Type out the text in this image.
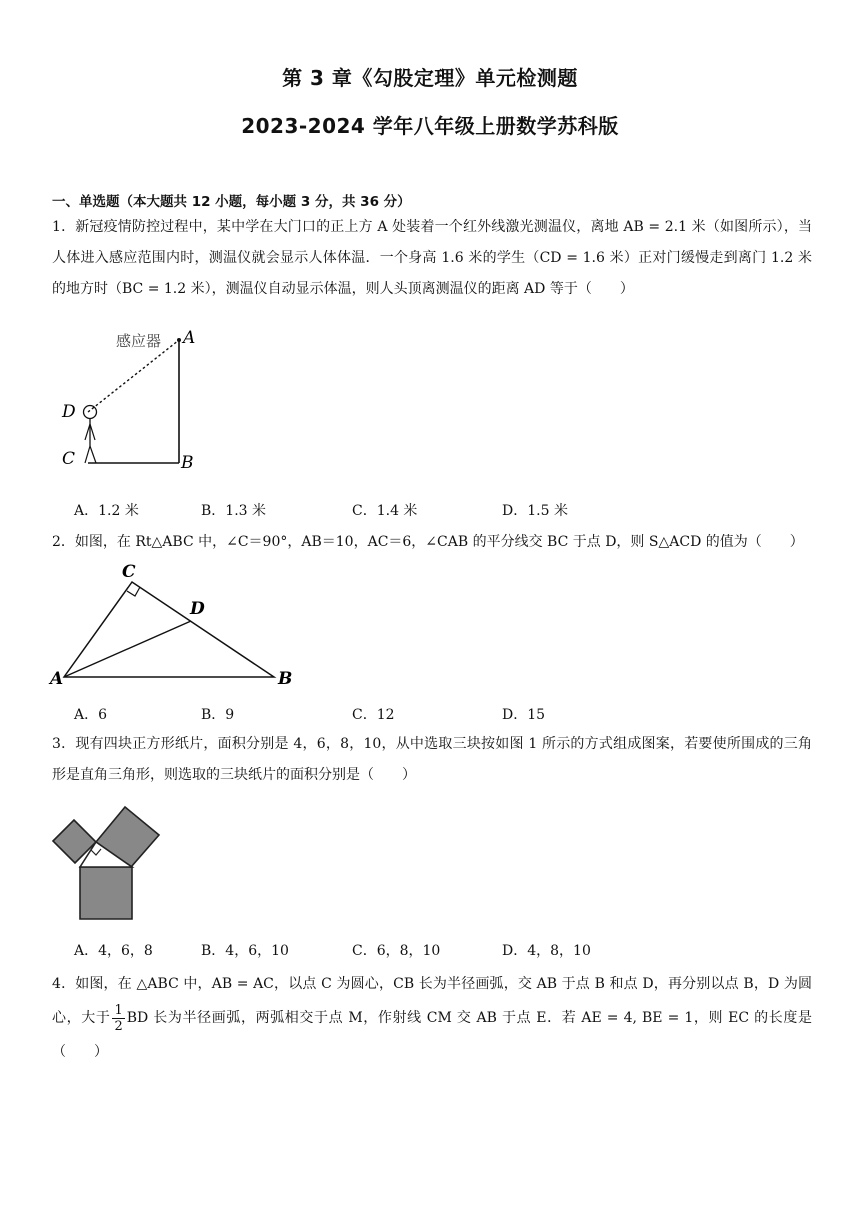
第 3 章《勾股定理》单元检测题
2023-2024 学年八年级上册数学苏科版
一、单选题（本大题共 12 小题，每小题 3 分，共 36 分）
1．新冠疫情防控过程中，某中学在大门口的正上方 A 处装着一个红外线激光测温仪，离地 AB = 2.1 米（如图所示），当人体进入感应范围内时，测温仪就会显示人体体温．一个身高 1.6 米的学生（CD = 1.6 米）正对门缓慢走到离门 1.2 米的地方时（BC = 1.2 米），测温仪自动显示体温，则人头顶离测温仪的距离 AD 等于（　　）
感应器 A
B
C
D
A．1.2 米	B．1.3 米	C．1.4 米	D．1.5 米
2．如图，在 Rt△ABC 中，∠C＝90°，AB＝10，AC＝6，∠CAB 的平分线交 BC 于点 D，则 S△ACD 的值为（　　）
C
D
A	B
A．6	B．9	C．12	D．15
3．现有四块正方形纸片，面积分别是 4，6，8，10，从中选取三块按如图 1 所示的方式组成图案，若要使所围成的三角形是直角三角形，则选取的三块纸片的面积分别是（　　）
A．4，6，8	B．4，6，10	C．6，8，10	D．4，8，10
4．如图，在 △ABC 中，AB = AC，以点 C 为圆心，CB 长为半径画弧，交 AB 于点 B 和点 D，再分别以点 B，D 为圆心，大于 $\frac{1}{2}$ BD 长为半径画弧，两弧相交于点 M，作射线 CM 交 AB 于点 E．若 AE = 4, BE = 1，则 EC 的长度是（　　）
